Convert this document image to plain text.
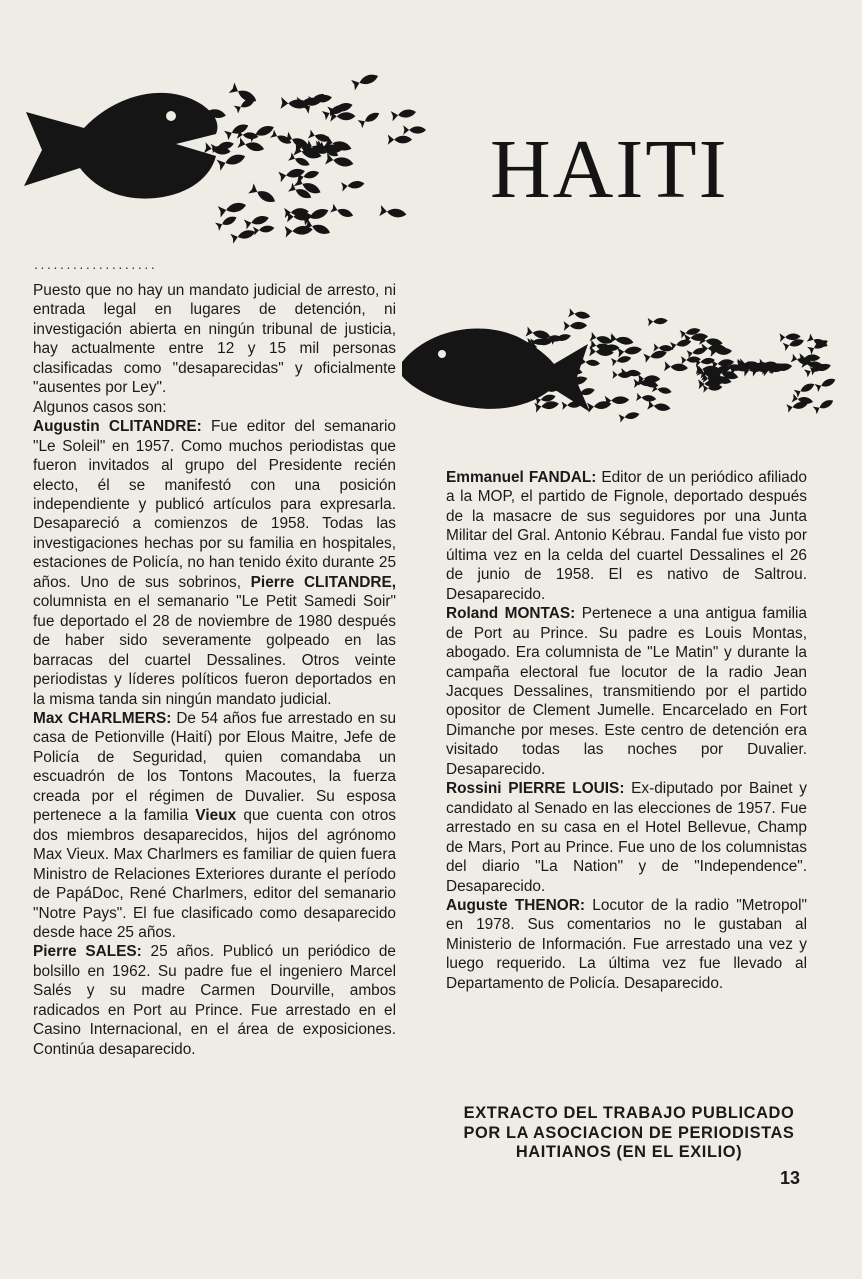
HAITI
...................

Puesto que no hay un mandato judicial de arresto, ni entrada legal en lugares de detención, ni investigación abierta en ningún tribunal de justicia, hay actualmente entre 12 y 15 mil personas clasificadas como "desaparecidas" y oficialmente "ausentes por Ley".

Algunos casos son:

Augustin CLITANDRE: Fue editor del semanario "Le Soleil" en 1957. Como muchos periodistas que fueron invitados al grupo del Presidente recién electo, él se manifestó con una posición independiente y publicó artículos para expresarla. Desapareció a comienzos de 1958. Todas las investigaciones hechas por su familia en hospitales, estaciones de Policía, no han tenido éxito durante 25 años. Uno de sus sobrinos, Pierre CLITANDRE, columnista en el semanario "Le Petit Samedi Soir" fue deportado el 28 de noviembre de 1980 después de haber sido severamente golpeado en las barracas del cuartel Dessalines. Otros veinte periodistas y líderes políticos fueron deportados en la misma tanda sin ningún mandato judicial.

Max CHARLMERS: De 54 años fue arrestado en su casa de Petionville (Haití) por Elous Maitre, Jefe de Policía de Seguridad, quien comandaba un escuadrón de los Tontons Macoutes, la fuerza creada por el régimen de Duvalier. Su esposa pertenece a la familia Vieux que cuenta con otros dos miembros desaparecidos, hijos del agrónomo Max Vieux. Max Charlmers es familiar de quien fuera Ministro de Relaciones Exteriores durante el período de PapáDoc, René Charlmers, editor del semanario "Notre Pays". El fue clasificado como desaparecido desde hace 25 años.

Pierre SALES: 25 años. Publicó un periódico de bolsillo en 1962. Su padre fue el ingeniero Marcel Salés y su madre Carmen Dourville, ambos radicados en Port au Prince. Fue arrestado en el Casino Internacional, en el área de exposiciones. Continúa desaparecido.

Emmanuel FANDAL: Editor de un periódico afiliado a la MOP, el partido de Fignole, deportado después de la masacre de sus seguidores por una Junta Militar del Gral. Antonio Kébrau. Fandal fue visto por última vez en la celda del cuartel Dessalines el 26 de junio de 1958. El es nativo de Saltrou. Desaparecido.

Roland MONTAS: Pertenece a una antigua familia de Port au Prince. Su padre es Louis Montas, abogado. Era columnista de "Le Matin" y durante la campaña electoral fue locutor de la radio Jean Jacques Dessalines, transmitiendo por el partido opositor de Clement Jumelle. Encarcelado en Fort Dimanche por meses. Este centro de detención era visitado todas las noches por Duvalier. Desaparecido.

Rossini PIERRE LOUIS: Ex-diputado por Bainet y candidato al Senado en las elecciones de 1957. Fue arrestado en su casa en el Hotel Bellevue, Champ de Mars, Port au Prince. Fue uno de los columnistas del diario "La Nation" y de "Independence". Desaparecido.

Auguste THENOR: Locutor de la radio "Metropol" en 1978. Sus comentarios no le gustaban al Ministerio de Información. Fue arrestado una vez y luego requerido. La última vez fue llevado al Departamento de Policía. Desaparecido.

EXTRACTO DEL TRABAJO PUBLICADO POR LA ASOCIACION DE PERIODISTAS HAITIANOS (EN EL EXILIO)
13
